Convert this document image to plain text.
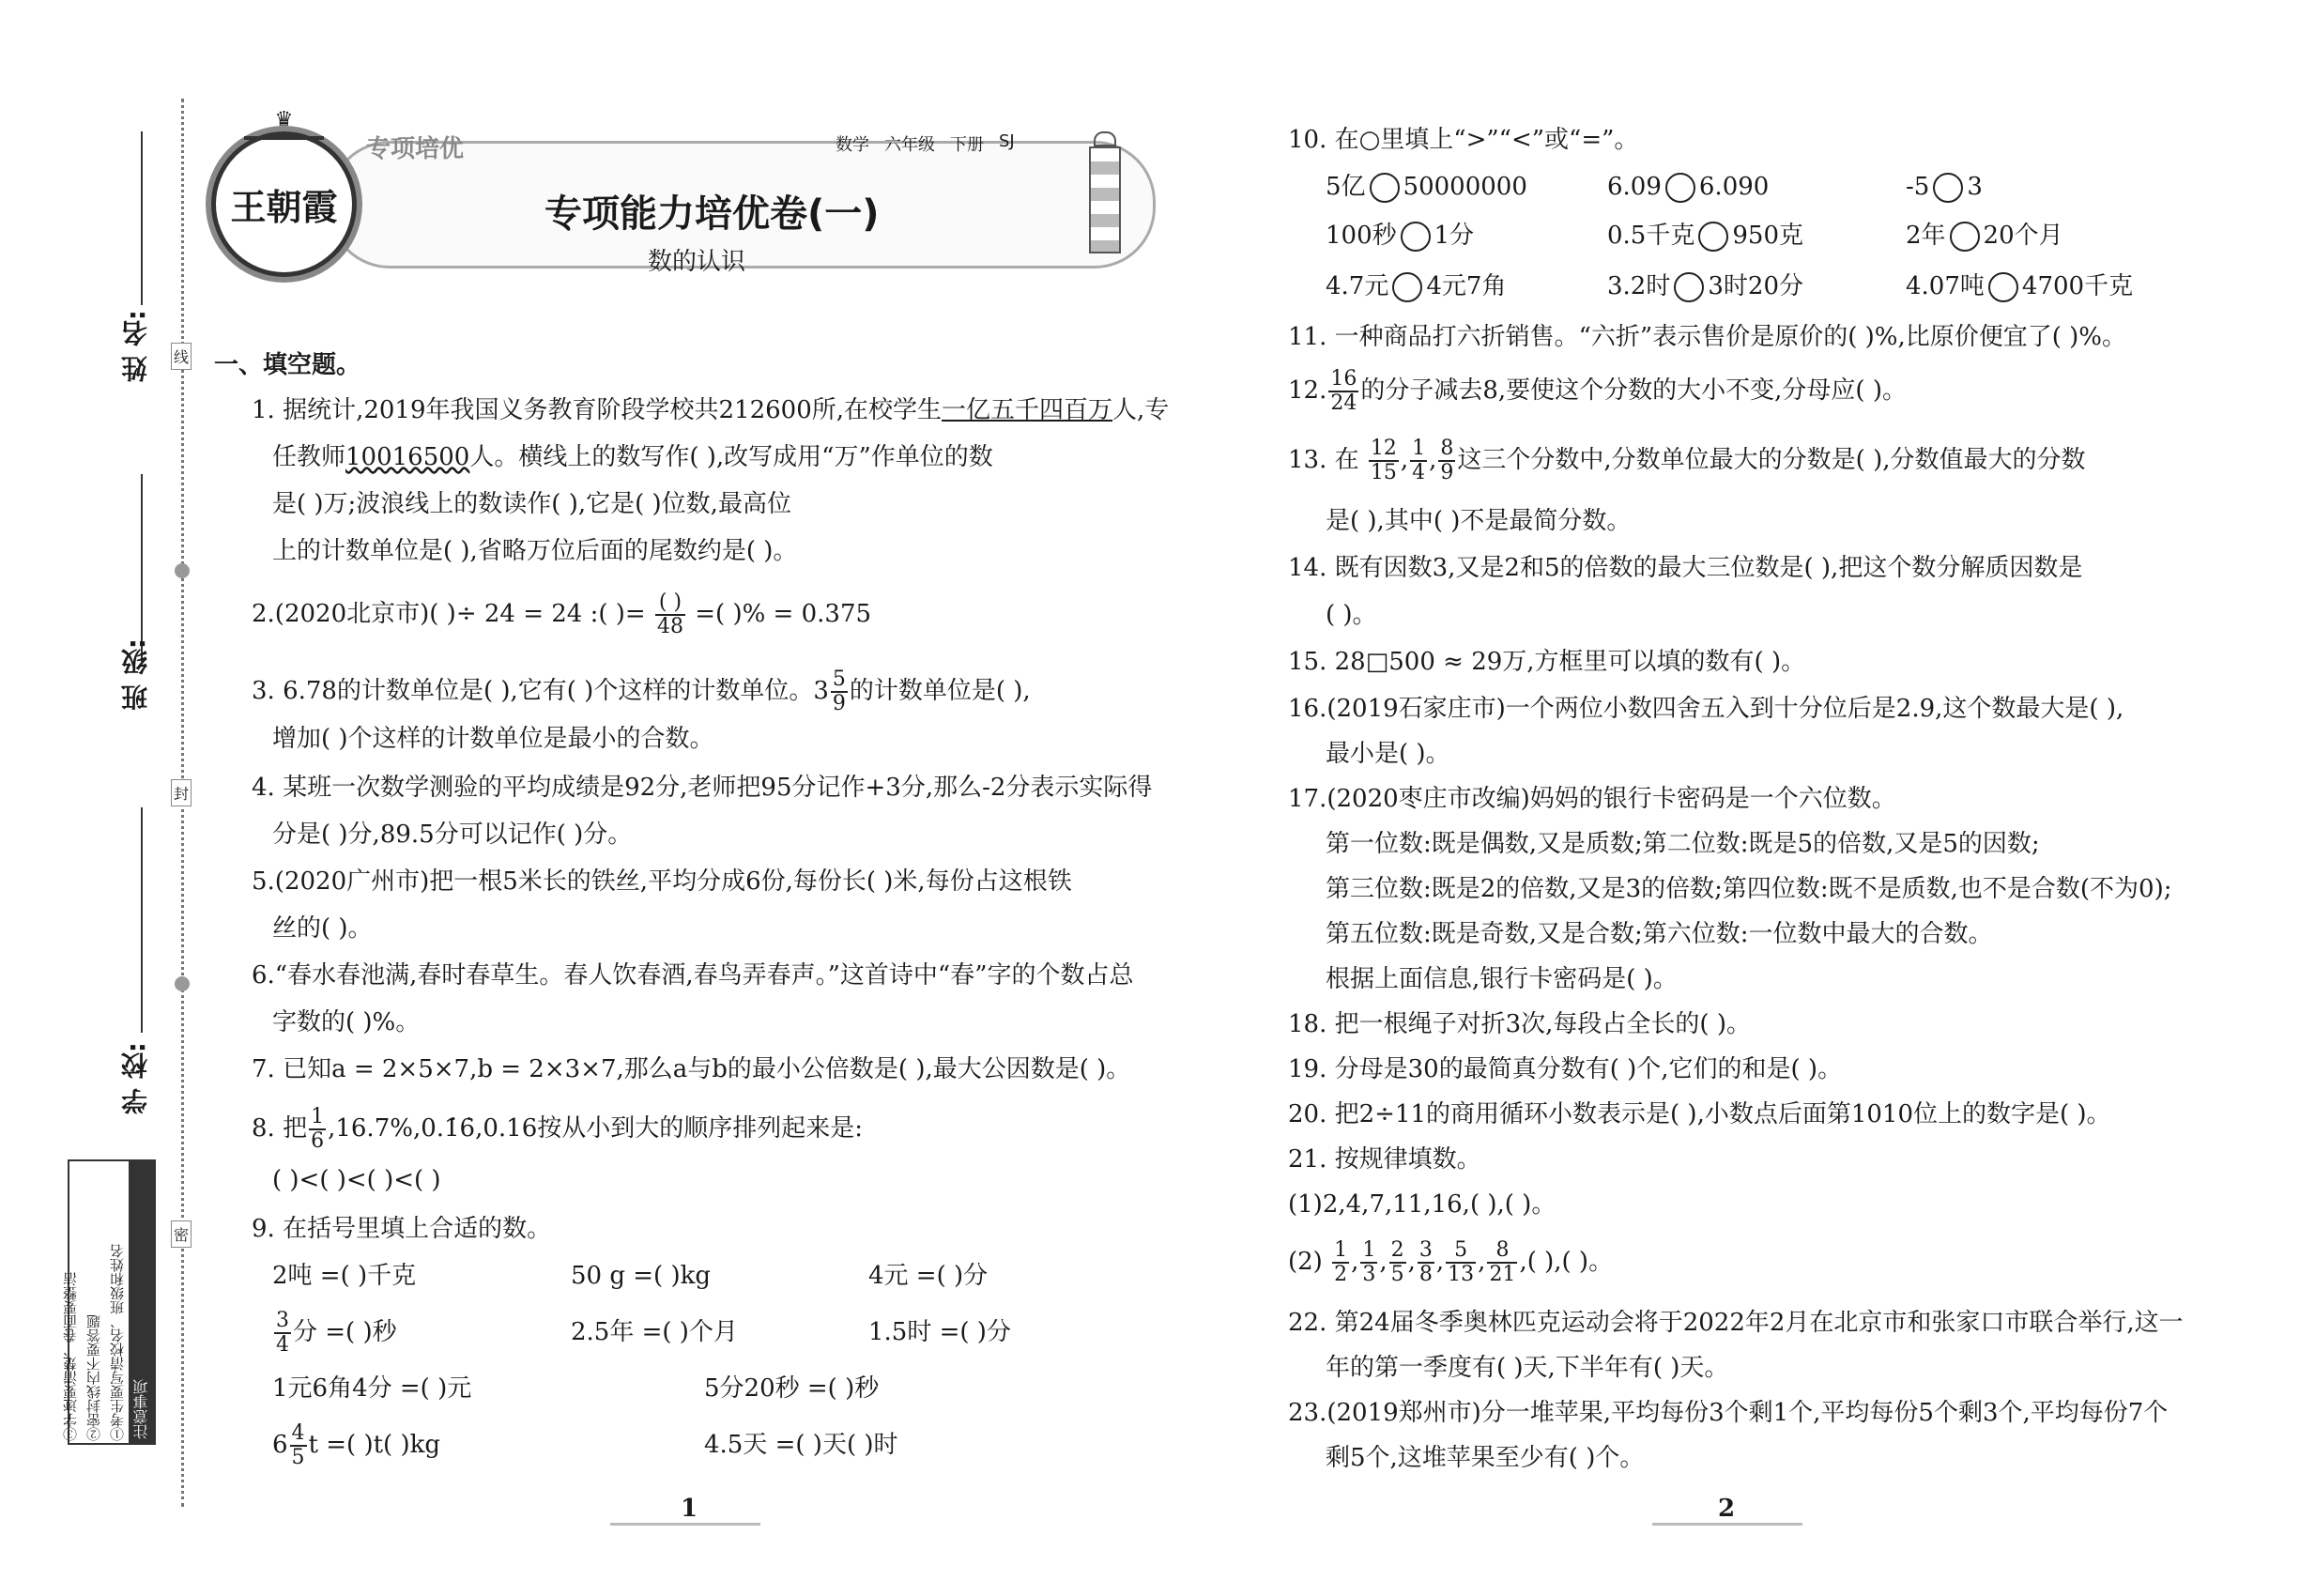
线
封
密
姓 名:
班 级:
学 校:
注意事项
①考生要写清校名、班级和姓名
②密封线内不要答题
③字迹要清楚、卷面要整洁
♛
王朝霞
专项培优	数学 六年级 下册 SJ
专项能力培优卷(一)
数的认识
一、填空题。
1. 据统计,2019年我国义务教育阶段学校共212600所,在校学生一亿五千四百万人,专
任教师10016500人。横线上的数写作( ),改写成用“万”作单位的数
是( )万;波浪线上的数读作( ),它是( )位数,最高位
上的计数单位是( ),省略万位后面的尾数约是( )。
2.(2020北京市)( )÷ 24 = 24 :( )= $\frac{( )}{48}$ =( )% = 0.375
3. 6.78的计数单位是( ),它有( )个这样的计数单位。$3 \frac{5}{9}$ 的计数单位是( ),
增加( )个这样的计数单位是最小的合数。
4. 某班一次数学测验的平均成绩是92分,老师把95分记作+3分,那么-2分表示实际得
分是( )分,89.5分可以记作( )分。
5.(2020广州市)把一根5米长的铁丝,平均分成6份,每份长( )米,每份占这根铁
丝的( )。
6.“春水春池满,春时春草生。春人饮春酒,春鸟弄春声。”这首诗中“春”字的个数占总
字数的( )%。
7. 已知a = 2×5×7,b = 2×3×7,那么a与b的最小公倍数是( ),最大公因数是( )。
8. 把 $\frac{1}{6}$ ,16.7%,0.1̇6̇,0.16按从小到大的顺序排列起来是:
( )<( )<( )<( )
9. 在括号里填上合适的数。
2吨 =( )千克	50 g =( )kg	4元 =( )分
$\frac{3}{4}$ 分 =( )秒	2.5年 =( )个月	1.5时 =( )分
1元6角4分 =( )元	5分20秒 =( )秒
$6 \frac{4}{5}$ t =( )t( )kg	4.5天 =( )天( )时
1
10. 在○里填上“>”“<”或“=”。
5亿 50000000	6.09 6.090	-5 3
100秒 1分	0.5千克 950克	2年 20个月
4.7元 4元7角	3.2时 3时20分	4.07吨 4700千克
11. 一种商品打六折销售。“六折”表示售价是原价的( )%,比原价便宜了( )%。
12. $\frac{16}{24}$ 的分子减去8,要使这个分数的大小不变,分母应( )。
13. 在 $\frac{12}{15}$ , $\frac{1}{4}$ , $\frac{8}{9}$ 这三个分数中,分数单位最大的分数是( ),分数值最大的分数
是( ),其中( )不是最简分数。
14. 既有因数3,又是2和5的倍数的最大三位数是( ),把这个数分解质因数是
( )。
15. 28□500 ≈ 29万,方框里可以填的数有( )。
16.(2019石家庄市)一个两位小数四舍五入到十分位后是2.9,这个数最大是( ),
最小是( )。
17.(2020枣庄市改编)妈妈的银行卡密码是一个六位数。
第一位数:既是偶数,又是质数;第二位数:既是5的倍数,又是5的因数;
第三位数:既是2的倍数,又是3的倍数;第四位数:既不是质数,也不是合数(不为0);
第五位数:既是奇数,又是合数;第六位数:一位数中最大的合数。
根据上面信息,银行卡密码是( )。
18. 把一根绳子对折3次,每段占全长的( )。
19. 分母是30的最简真分数有( )个,它们的和是( )。
20. 把2÷11的商用循环小数表示是( ),小数点后面第1010位上的数字是( )。
21. 按规律填数。
(1)2,4,7,11,16,( ),( )。
$(2) \frac{1}{2}$ , $\frac{1}{3}$ , $\frac{2}{5}$ , $\frac{3}{8}$ , $\frac{5}{13}$ , $\frac{8}{21}$ ,( ),( )。
22. 第24届冬季奥林匹克运动会将于2022年2月在北京市和张家口市联合举行,这一
年的第一季度有( )天,下半年有( )天。
23.(2019郑州市)分一堆苹果,平均每份3个剩1个,平均每份5个剩3个,平均每份7个
剩5个,这堆苹果至少有( )个。
2
